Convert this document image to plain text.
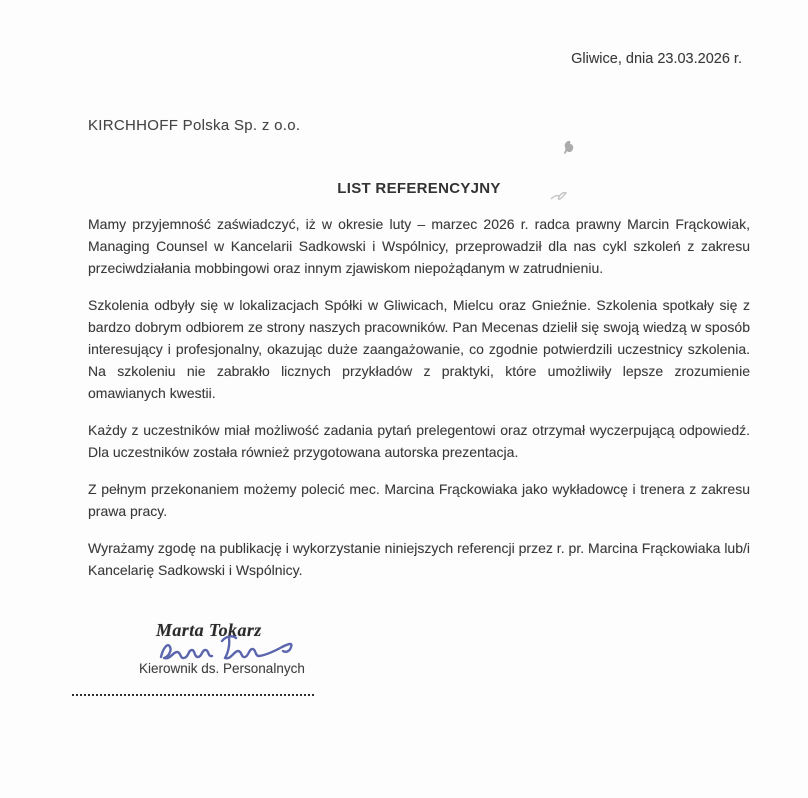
Gliwice, dnia 23.03.2026 r.
KIRCHHOFF Polska Sp. z o.o.
LIST REFERENCYJNY

Mamy przyjemność zaświadczyć, iż w okresie luty – marzec 2026 r. radca prawny Marcin Frąckowiak, Managing Counsel w Kancelarii Sadkowski i Wspólnicy, przeprowadził dla nas cykl szkoleń z zakresu przeciwdziałania mobbingowi oraz innym zjawiskom niepożądanym w zatrudnieniu.

Szkolenia odbyły się w lokalizacjach Spółki w Gliwicach, Mielcu oraz Gnieźnie. Szkolenia spotkały się z bardzo dobrym odbiorem ze strony naszych pracowników. Pan Mecenas dzielił się swoją wiedzą w sposób interesujący i profesjonalny, okazując duże zaangażowanie, co zgodnie potwierdzili uczestnicy szkolenia. Na szkoleniu nie zabrakło licznych przykładów z praktyki, które umożliwiły lepsze zrozumienie omawianych kwestii.

Każdy z uczestników miał możliwość zadania pytań prelegentowi oraz otrzymał wyczerpującą odpowiedź. Dla uczestników została również przygotowana autorska prezentacja.

Z pełnym przekonaniem możemy polecić mec. Marcina Frąckowiaka jako wykładowcę i trenera z zakresu prawa pracy.

Wyrażamy zgodę na publikację i wykorzystanie niniejszych referencji przez r. pr. Marcina Frąckowiaka lub/i Kancelarię Sadkowski i Wspólnicy.

Marta Tokarz
Kierownik ds. Personalnych
